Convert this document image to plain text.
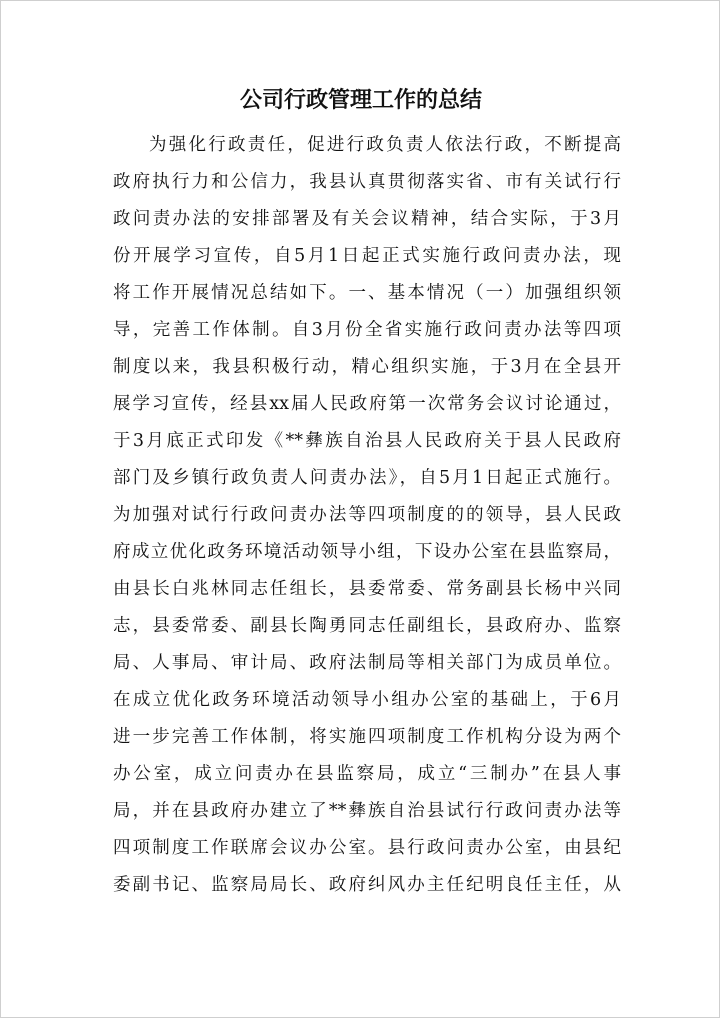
公司行政管理工作的总结
为强化行政责任，促进行政负责人依法行政，不断提高
政府执行力和公信力，我县认真贯彻落实省、市有关试行行
政问责办法的安排部署及有关会议精神，结合实际，于3月
份开展学习宣传，自5月1日起正式实施行政问责办法，现
将工作开展情况总结如下。一、基本情况（一）加强组织领
导，完善工作体制。自3月份全省实施行政问责办法等四项
制度以来，我县积极行动，精心组织实施，于3月在全县开
展学习宣传，经县xx届人民政府第一次常务会议讨论通过，
于3月底正式印发《**彝族自治县人民政府关于县人民政府
部门及乡镇行政负责人问责办法》，自5月1日起正式施行。
为加强对试行行政问责办法等四项制度的的领导，县人民政
府成立优化政务环境活动领导小组，下设办公室在县监察局，
由县长白兆林同志任组长，县委常委、常务副县长杨中兴同
志，县委常委、副县长陶勇同志任副组长，县政府办、监察
局、人事局、审计局、政府法制局等相关部门为成员单位。
在成立优化政务环境活动领导小组办公室的基础上，于6月
进一步完善工作体制，将实施四项制度工作机构分设为两个
办公室，成立问责办在县监察局，成立“三制办”在县人事
局，并在县政府办建立了**彝族自治县试行行政问责办法等
四项制度工作联席会议办公室。县行政问责办公室，由县纪
委副书记、监察局局长、政府纠风办主任纪明良任主任，从
